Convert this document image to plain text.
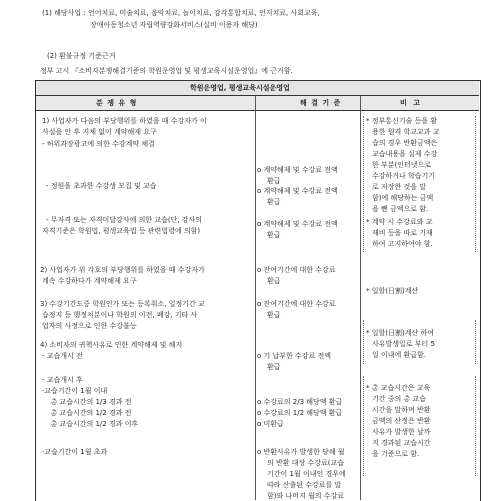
(1) 해당사업 : 언어치료, 미술치료, 음악치료, 놀이치료, 감각통합치료, 인지치료, 사회교육,
장애아동청소년 자립역량강화서비스(실비 이용자 해당)
(2) 환불규정 기준근거
정부 고시 『소비자분쟁해결기준의 학원운영업 및 평생교육시설운영업』에 근거함.
학원운영업, 평생교육시설운영업
분 쟁 유 형	해 결 기 준	비 고
1) 사업자가 다음의 부당행위를 하였을 때 수강자가 이
사실을 안 후 지체 없이 계약해제 요구
- 허위과장광고에 의한 수강계약 체결
- 정원을 초과한 수강생 모집 및 교습
- 무자격 또는 자격미달강사에 의한 교습(단, 강사의
자격기준은 학원법, 평생교육법 등 관련법령에 의함)
2) 사업자가 위 각호의 부당행위를 하였을 때 수강자가
계속 수강하다가 계약해제 요구
3) 수강기간도중 학원인가 또는 등록취소, 일정기간 교
습정지 등 행정처분이나 학원의 이전, 폐강, 기타 사
업자의 사정으로 인한 수강불능
4) 소비자의 귀책사유로 인한 계약해제 및 해지
- 교습개시 전
- 교습개시 후
·교습기간이 1월 이내
총 교습시간의 1/3 경과 전
총 교습시간의 1/2 경과 전
총 교습시간의 1/2 경과 이후
·교습기간이 1월 초과
o 계약해제 및 수강료 전액
환급
o 계약해제 및 수강료 전액
환급
o 계약해제 및 수강료 전액
환급
o 잔여기간에 대한 수강료
환급
o 잔여기간에 대한 수강료
환급
o 기 납부한 수강료 전액
환급
o 수강료의 2/3 해당액 환급
o 수강료의 1/2 해당액 환급
o 미환급
o 반환사유가 발생한 당해 월
의 반환 대상 수강료(교습
기간이 1월 이내인 경우에
따라 산출된 수강료를 말
함)와 나머지 월의 수강료
* 정부통신기술 등을 활
용한 원격 학교교과 교
습의 경우 반환금액은
교습내용을 실제 수강
한 부분(인터넷으로
수강하거나 학습기기
로 저장한 것을 말
함)에 해당하는 금액
을 뺀 금액으로 함.
* 계약 시 수강료와 교
재비 등을 따로 기재
하여 고지하여야 함.
* 일할(日割)계산
* 일할(日割)계산 하여
사유발생일로 부터 5
일 이내에 환급함.
* 총 교습시간은 교육
기간 중의 총 교습
시간을 말하며 반환
금액의 산정은 반환
사유가 발생한 날까
지 경과된 교습시간
을 기준으로 함.
